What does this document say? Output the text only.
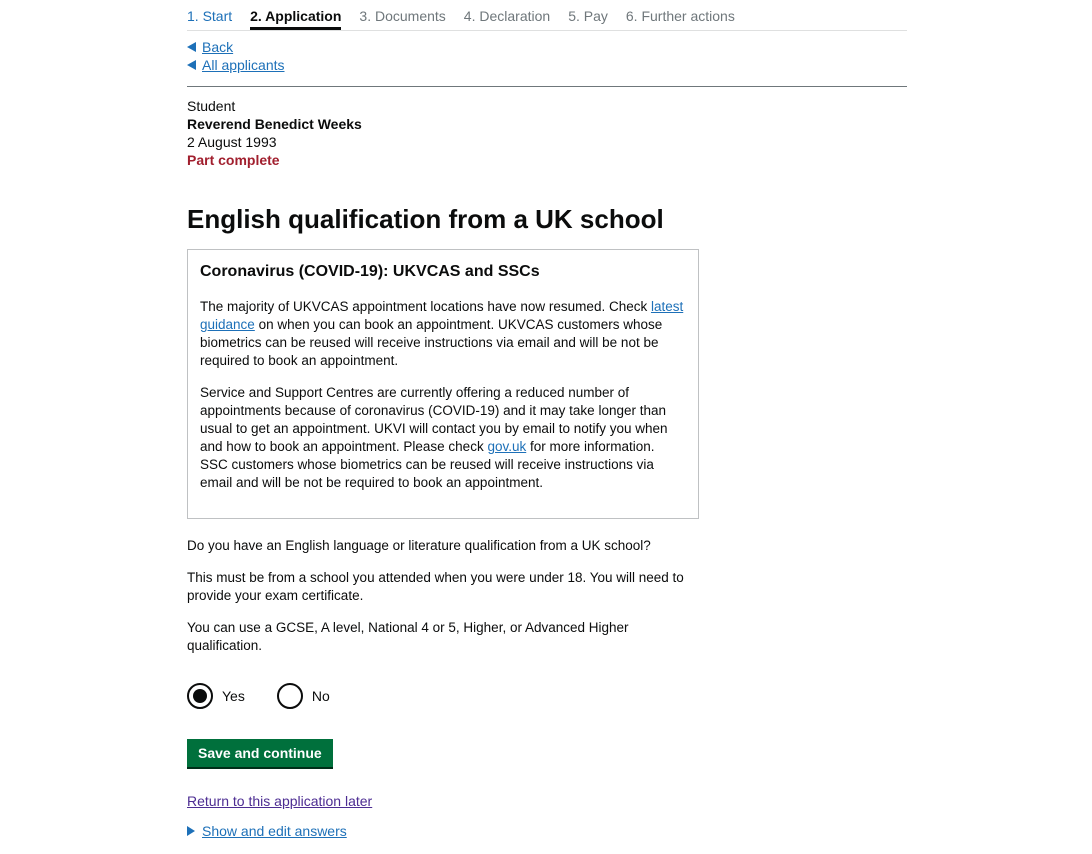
1. Start 2. Application 3. Documents 4. Declaration 5. Pay 6. Further actions
Back
All applicants
Student
Reverend Benedict Weeks
2 August 1993
Part complete
English qualification from a UK school
Coronavirus (COVID-19): UKVCAS and SSCs

The majority of UKVCAS appointment locations have now resumed. Check latest guidance on when you can book an appointment. UKVCAS customers whose biometrics can be reused will receive instructions via email and will be not be required to book an appointment.

Service and Support Centres are currently offering a reduced number of appointments because of coronavirus (COVID-19) and it may take longer than usual to get an appointment. UKVI will contact you by email to notify you when and how to book an appointment. Please check gov.uk for more information. SSC customers whose biometrics can be reused will receive instructions via email and will be not be required to book an appointment.

Do you have an English language or literature qualification from a UK school?

This must be from a school you attended when you were under 18. You will need to provide your exam certificate.

You can use a GCSE, A level, National 4 or 5, Higher, or Advanced Higher qualification.

Yes	No
Save and continue
Return to this application later
Show and edit answers
